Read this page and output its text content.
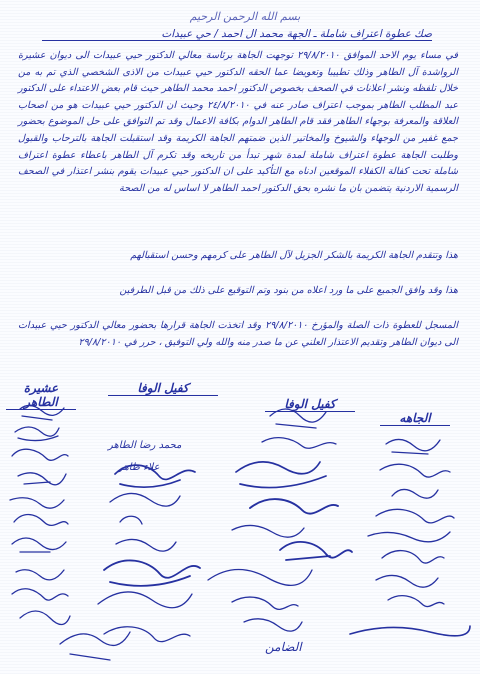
بسم الله الرحمن الرحيم
صك عطوة اعتراف شاملة ـ الجهة محمد ال احمد / حي عبيدات
في مساء يوم الاحد الموافق ٢٩/٨/٢٠١٠ توجهت الجاهة برئاسة معالي الدكتور حيي عبيدات الى ديوان عشيرة الرواشدة آل الطاهر وذلك تطييبا وتعويضا عما الحقه الدكتور حيي عبيدات من الاذى الشخصي الذي تم به من خلال تلفظه ونشر اعلانات في الصحف بخصوص الدكتور احمد محمد الطاهر حيث قام بعض الاعتداء على الدكتور عبد المطلب الطاهر بموجب اعتراف صادر عنه في ٢٤/٨/٢٠١٠ وحيث ان الدكتور حيي عبيدات هو من اصحاب العلاقة والمعرفة بوجهاء الطاهر فقد قام الطاهر الدوام بكافة الاعمال وقد تم التوافق على حل الموضوع بحضور جمع غفير من الوجهاء والشيوخ والمخاتير الذين ضمتهم الجاهة الكريمة وقد استقبلت الجاهة بالترحاب والقبول وطلبت الجاهة عطوة اعتراف شاملة لمدة شهر تبدأ من تاريخه وقد تكرم آل الطاهر باعطاء عطوة اعتراف شاملة تحت كفالة الكفلاء الموقعين ادناه مع التأكيد على ان الدكتور حيي عبيدات يقوم بنشر اعتذار في الصحف الرسمية الاردنية يتضمن بان ما نشره بحق الدكتور احمد الطاهر لا اساس له من الصحة
هذا وتتقدم الجاهة الكريمة بالشكر الجزيل لآل الطاهر على كرمهم وحسن استقبالهم
هذا وقد وافق الجميع على ما ورد اعلاه من بنود وتم التوقيع على ذلك من قبل الطرفين
المسجل للعطوة ذات الصلة والمؤرخ ٢٩/٨/٢٠١٠ وقد اتخذت الجاهة قرارها بحضور معالي الدكتور حيي عبيدات الى ديوان الطاهر وتقديم الاعتذار العلني عن ما صدر منه والله ولي التوفيق ، حرر في ٢٩/٨/٢٠١٠
عشيرة الطاهر
كفيل الوفا
كفيل الوفا
الجاهه
محمد رضا الطاهر
علاء طاهر
الضامن
